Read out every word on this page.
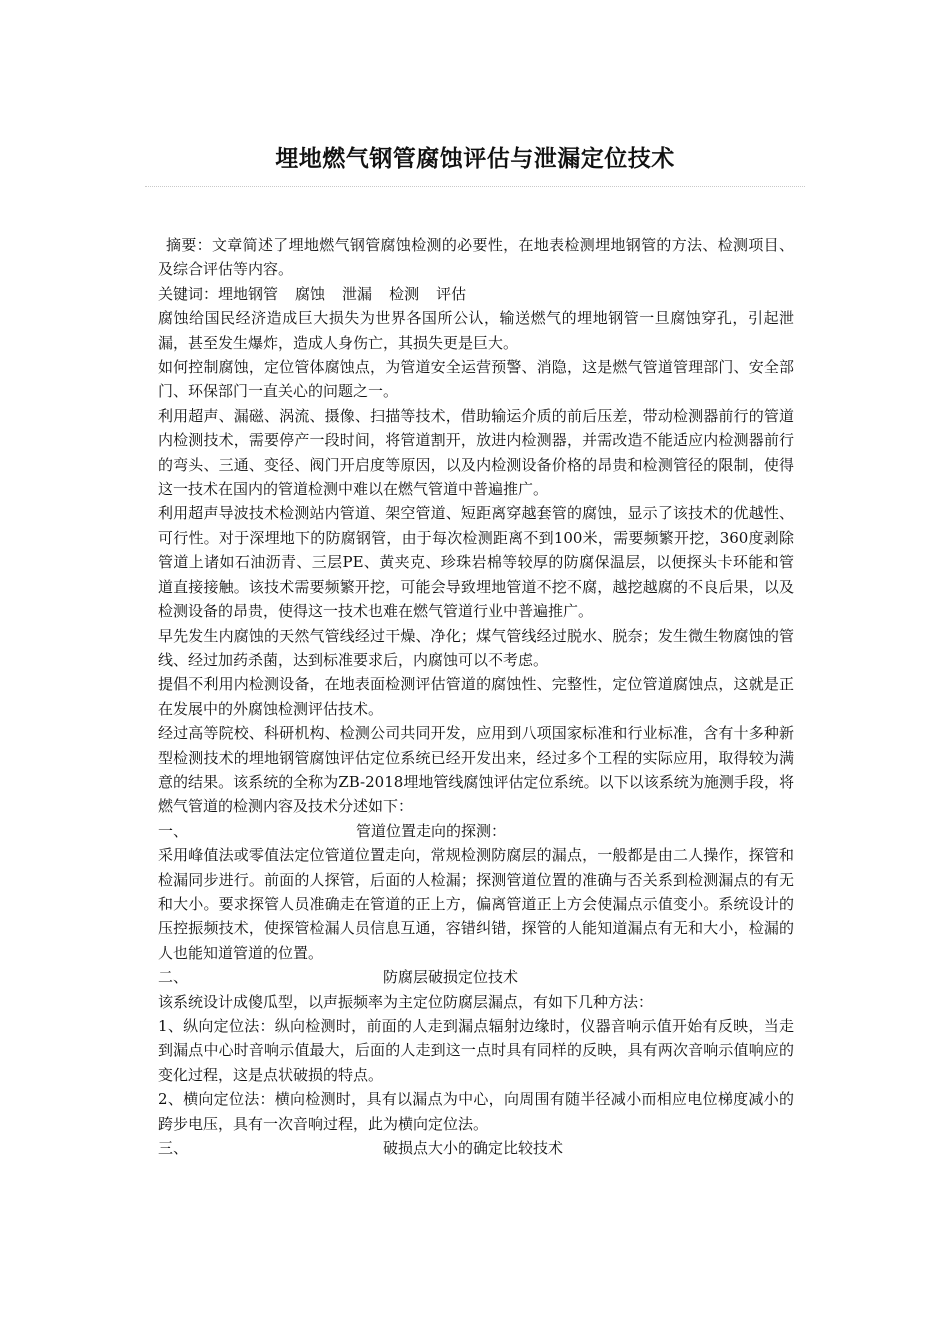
埋地燃气钢管腐蚀评估与泄漏定位技术

摘要：文章简述了埋地燃气钢管腐蚀检测的必要性，在地表检测埋地钢管的方法、检测项目、及综合评估等内容。

关键词：埋地钢管 腐蚀 泄漏 检测 评估

腐蚀给国民经济造成巨大损失为世界各国所公认，输送燃气的埋地钢管一旦腐蚀穿孔，引起泄漏，甚至发生爆炸，造成人身伤亡，其损失更是巨大。

如何控制腐蚀，定位管体腐蚀点，为管道安全运营预警、消隐，这是燃气管道管理部门、安全部门、环保部门一直关心的问题之一。

利用超声、漏磁、涡流、摄像、扫描等技术，借助输运介质的前后压差，带动检测器前行的管道内检测技术，需要停产一段时间，将管道割开，放进内检测器，并需改造不能适应内检测器前行的弯头、三通、变径、阀门开启度等原因，以及内检测设备价格的昂贵和检测管径的限制，使得这一技术在国内的管道检测中难以在燃气管道中普遍推广。

利用超声导波技术检测站内管道、架空管道、短距离穿越套管的腐蚀，显示了该技术的优越性、可行性。对于深埋地下的防腐钢管，由于每次检测距离不到100米，需要频繁开挖，360度剥除管道上诸如石油沥青、三层PE、黄夹克、珍珠岩棉等较厚的防腐保温层，以便探头卡环能和管道直接接触。该技术需要频繁开挖，可能会导致埋地管道不挖不腐，越挖越腐的不良后果，以及检测设备的昂贵，使得这一技术也难在燃气管道行业中普遍推广。

早先发生内腐蚀的天然气管线经过干燥、净化；煤气管线经过脱水、脱奈；发生微生物腐蚀的管线、经过加药杀菌，达到标准要求后，内腐蚀可以不考虑。

提倡不利用内检测设备，在地表面检测评估管道的腐蚀性、完整性，定位管道腐蚀点，这就是正在发展中的外腐蚀检测评估技术。

经过高等院校、科研机构、检测公司共同开发，应用到八项国家标准和行业标准，含有十多种新型检测技术的埋地钢管腐蚀评估定位系统已经开发出来，经过多个工程的实际应用，取得较为满意的结果。该系统的全称为ZB-2018埋地管线腐蚀评估定位系统。以下以该系统为施测手段，将燃气管道的检测内容及技术分述如下：

一、	管道位置走向的探测：

采用峰值法或零值法定位管道位置走向，常规检测防腐层的漏点，一般都是由二人操作，探管和检漏同步进行。前面的人探管，后面的人检漏；探测管道位置的准确与否关系到检测漏点的有无和大小。要求探管人员准确走在管道的正上方，偏离管道正上方会使漏点示值变小。系统设计的压控振频技术，使探管检漏人员信息互通，容错纠错，探管的人能知道漏点有无和大小，检漏的人也能知道管道的位置。

二、	防腐层破损定位技术

该系统设计成傻瓜型，以声振频率为主定位防腐层漏点，有如下几种方法：

1、纵向定位法：纵向检测时，前面的人走到漏点辐射边缘时，仪器音响示值开始有反映，当走到漏点中心时音响示值最大，后面的人走到这一点时具有同样的反映，具有两次音响示值响应的变化过程，这是点状破损的特点。

2、横向定位法：横向检测时，具有以漏点为中心，向周围有随半径减小而相应电位梯度减小的跨步电压，具有一次音响过程，此为横向定位法。

三、	破损点大小的确定比较技术
